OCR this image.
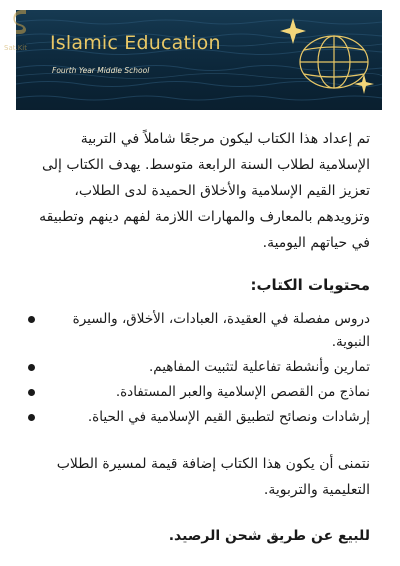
Islamic Education
Fourth Year Middle School
Sat.Kit

تم إعداد هذا الكتاب ليكون مرجعًا شاملاً في التربية الإسلامية لطلاب السنة الرابعة متوسط. يهدف الكتاب إلى تعزيز القيم الإسلامية والأخلاق الحميدة لدى الطلاب، وتزويدهم بالمعارف والمهارات اللازمة لفهم دينهم وتطبيقه في حياتهم اليومية.

محتويات الكتاب:
دروس مفصلة في العقيدة، العبادات، الأخلاق، والسيرة النبوية.
تمارين وأنشطة تفاعلية لتثبيت المفاهيم.
نماذج من القصص الإسلامية والعبر المستفادة.
إرشادات ونصائح لتطبيق القيم الإسلامية في الحياة.

نتمنى أن يكون هذا الكتاب إضافة قيمة لمسيرة الطلاب التعليمية والتربوية.

للبيع عن طريق شحن الرصيد.
